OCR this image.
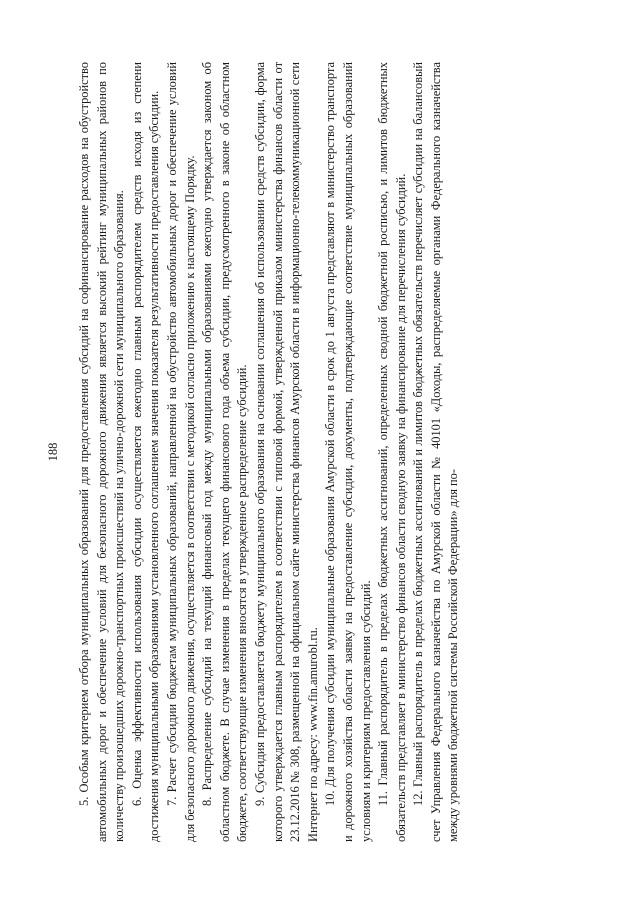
188 5. Особым критерием отбора муниципальных образований для предоставления субсидий на софинансирование расходов на обустройство автомобильных дорог и обеспечение условий для безопасного дорожного движения является высокий рейтинг муниципальных районов по количеству произошедших дорожно-транспортных происшествий на улично-дорожной сети муниципального образования. 6. Оценка эффективности использования субсидии осуществляется ежегодно главным распорядителем средств исходя из степени достижения муниципальными образованиями установленного соглашением значения показателя результативности предоставления субсидии. 7. Расчет субсидии бюджетам муниципальных образований, направленной на обустройство автомобильных дорог и обеспечение условий для безопасного дорожного движения, осуществляется в соответствии с методикой согласно приложению к настоящему Порядку. 8. Распределение субсидий на текущий финансовый год между муниципальными образованиями ежегодно утверждается законом об областном бюджете. В случае изменения в пределах текущего финансового года объема субсидии, предусмотренного в законе об областном бюджете, соответствующие изменения вносятся в утвержденное распределение субсидий. 9. Субсидия предоставляется бюджету муниципального образования на основании соглашения об использовании средств субсидии, форма которого утверждается главным распорядителем в соответствии с типовой формой, утвержденной приказом министерства финансов области от 23.12.2016 № 308, размещенной на официальном сайте министерства финансов Амурской области в информационно-телекоммуникационной сети Интернет по адресу: www.fin.amurobl.ru. 10. Для получения субсидии муниципальные образования Амурской области в срок до 1 августа представляют в министерство транспорта и дорожного хозяйства области заявку на предоставление субсидии, документы, подтверждающие соответствие муниципальных образований условиям и критериям предоставления субсидий. 11. Главный распорядитель в пределах бюджетных ассигнований, определенных сводной бюджетной росписью, и лимитов бюджетных обязательств представляет в министерство финансов области сводную заявку на финансирование для перечисления субсидий. 12. Главный распорядитель в пределах бюджетных ассигнований и лимитов бюджетных обязательств перечисляет субсидии на балансовый счет Управления Федерального казначейства по Амурской области № 40101 «Доходы, распределяемые органами Федерального казначейства между уровнями бюджетной системы Российской Федерации» для по-
